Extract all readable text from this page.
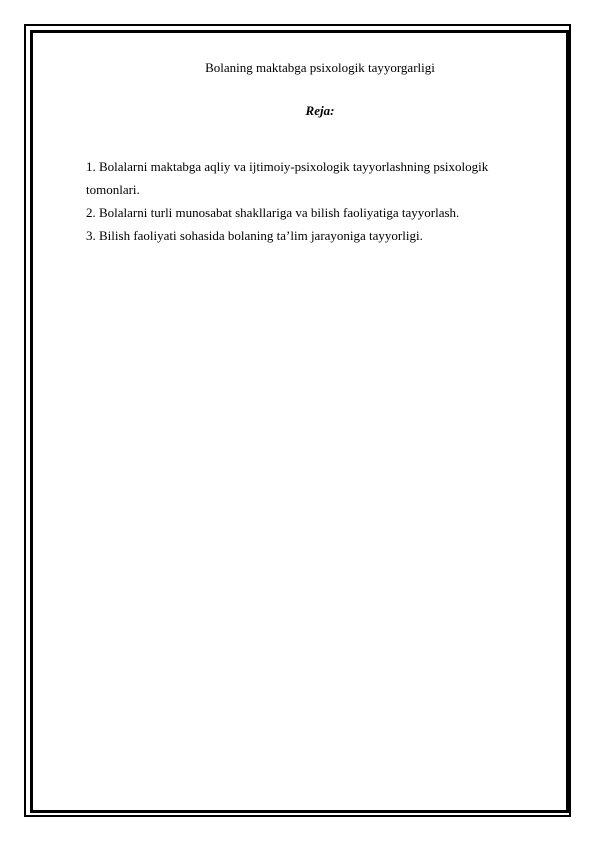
Bolaning maktabga psixologik tayyorgarligi
Reja:
1. Bolalarni maktabga aqliy va ijtimoiy-psixologik tayyorlashning psixologik tomonlari.
2. Bolalarni turli munosabat shakllariga va bilish faoliyatiga tayyorlash.
3. Bilish faoliyati sohasida bolaning ta’lim jarayoniga tayyorligi.
